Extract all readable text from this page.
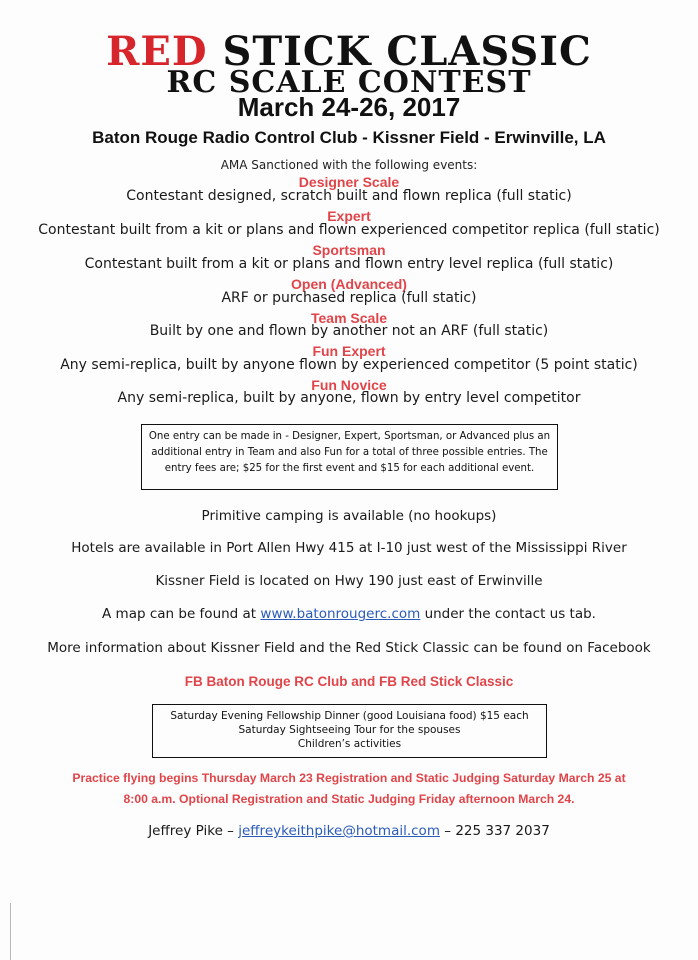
RED STICK CLASSIC
RC SCALE CONTEST
March 24-26, 2017
Baton Rouge Radio Control Club - Kissner Field - Erwinville, LA
AMA Sanctioned with the following events:
Designer Scale
Contestant designed, scratch built and flown replica (full static)
Expert
Contestant built from a kit or plans and flown experienced competitor replica (full static)
Sportsman
Contestant built from a kit or plans and flown entry level replica (full static)
Open (Advanced)
ARF or purchased replica (full static)
Team Scale
Built by one and flown by another not an ARF (full static)
Fun Expert
Any semi-replica, built by anyone flown by experienced competitor (5 point static)
Fun Novice
Any semi-replica, built by anyone, flown by entry level competitor
One entry can be made in - Designer, Expert, Sportsman, or Advanced plus an
additional entry in Team and also Fun for a total of three possible entries. The
entry fees are; $25 for the first event and $15 for each additional event.
Primitive camping is available (no hookups)
Hotels are available in Port Allen Hwy 415 at I-10 just west of the Mississippi River
Kissner Field is located on Hwy 190 just east of Erwinville
A map can be found at www.batonrougerc.com under the contact us tab.
More information about Kissner Field and the Red Stick Classic can be found on Facebook
FB Baton Rouge RC Club and FB Red Stick Classic
Saturday Evening Fellowship Dinner (good Louisiana food) $15 each
Saturday Sightseeing Tour for the spouses
Children’s activities
Practice flying begins Thursday March 23 Registration and Static Judging Saturday March 25 at
8:00 a.m. Optional Registration and Static Judging Friday afternoon March 24.
Jeffrey Pike – jeffreykeithpike@hotmail.com – 225 337 2037
